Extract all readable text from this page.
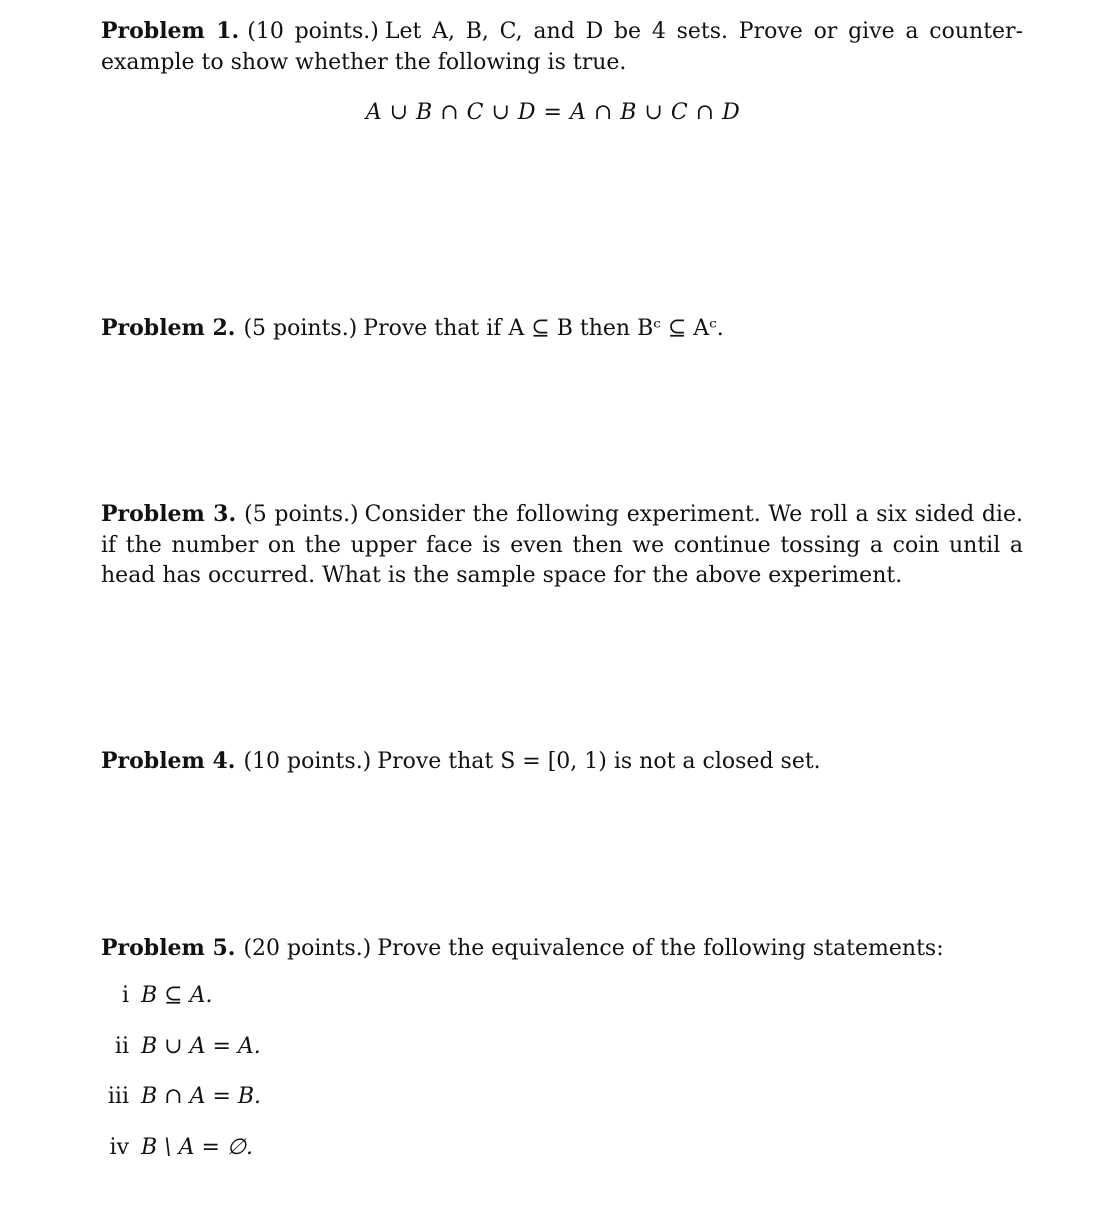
Problem 1. (10 points.) Let A, B, C, and D be 4 sets. Prove or give a counter-example to show whether the following is true.
A ∪ B ∩ C ∪ D = A ∩ B ∪ C ∩ D
Problem 2. (5 points.) Prove that if A ⊆ B then Bᶜ ⊆ Aᶜ.
Problem 3. (5 points.) Consider the following experiment. We roll a six sided die. if the number on the upper face is even then we continue tossing a coin until a head has occurred. What is the sample space for the above experiment.
Problem 4. (10 points.) Prove that S = [0, 1) is not a closed set.
Problem 5. (20 points.) Prove the equivalence of the following statements:
i B ⊆ A.
ii B ∪ A = A.
iii B ∩ A = B.
iv B \ A = ∅.
